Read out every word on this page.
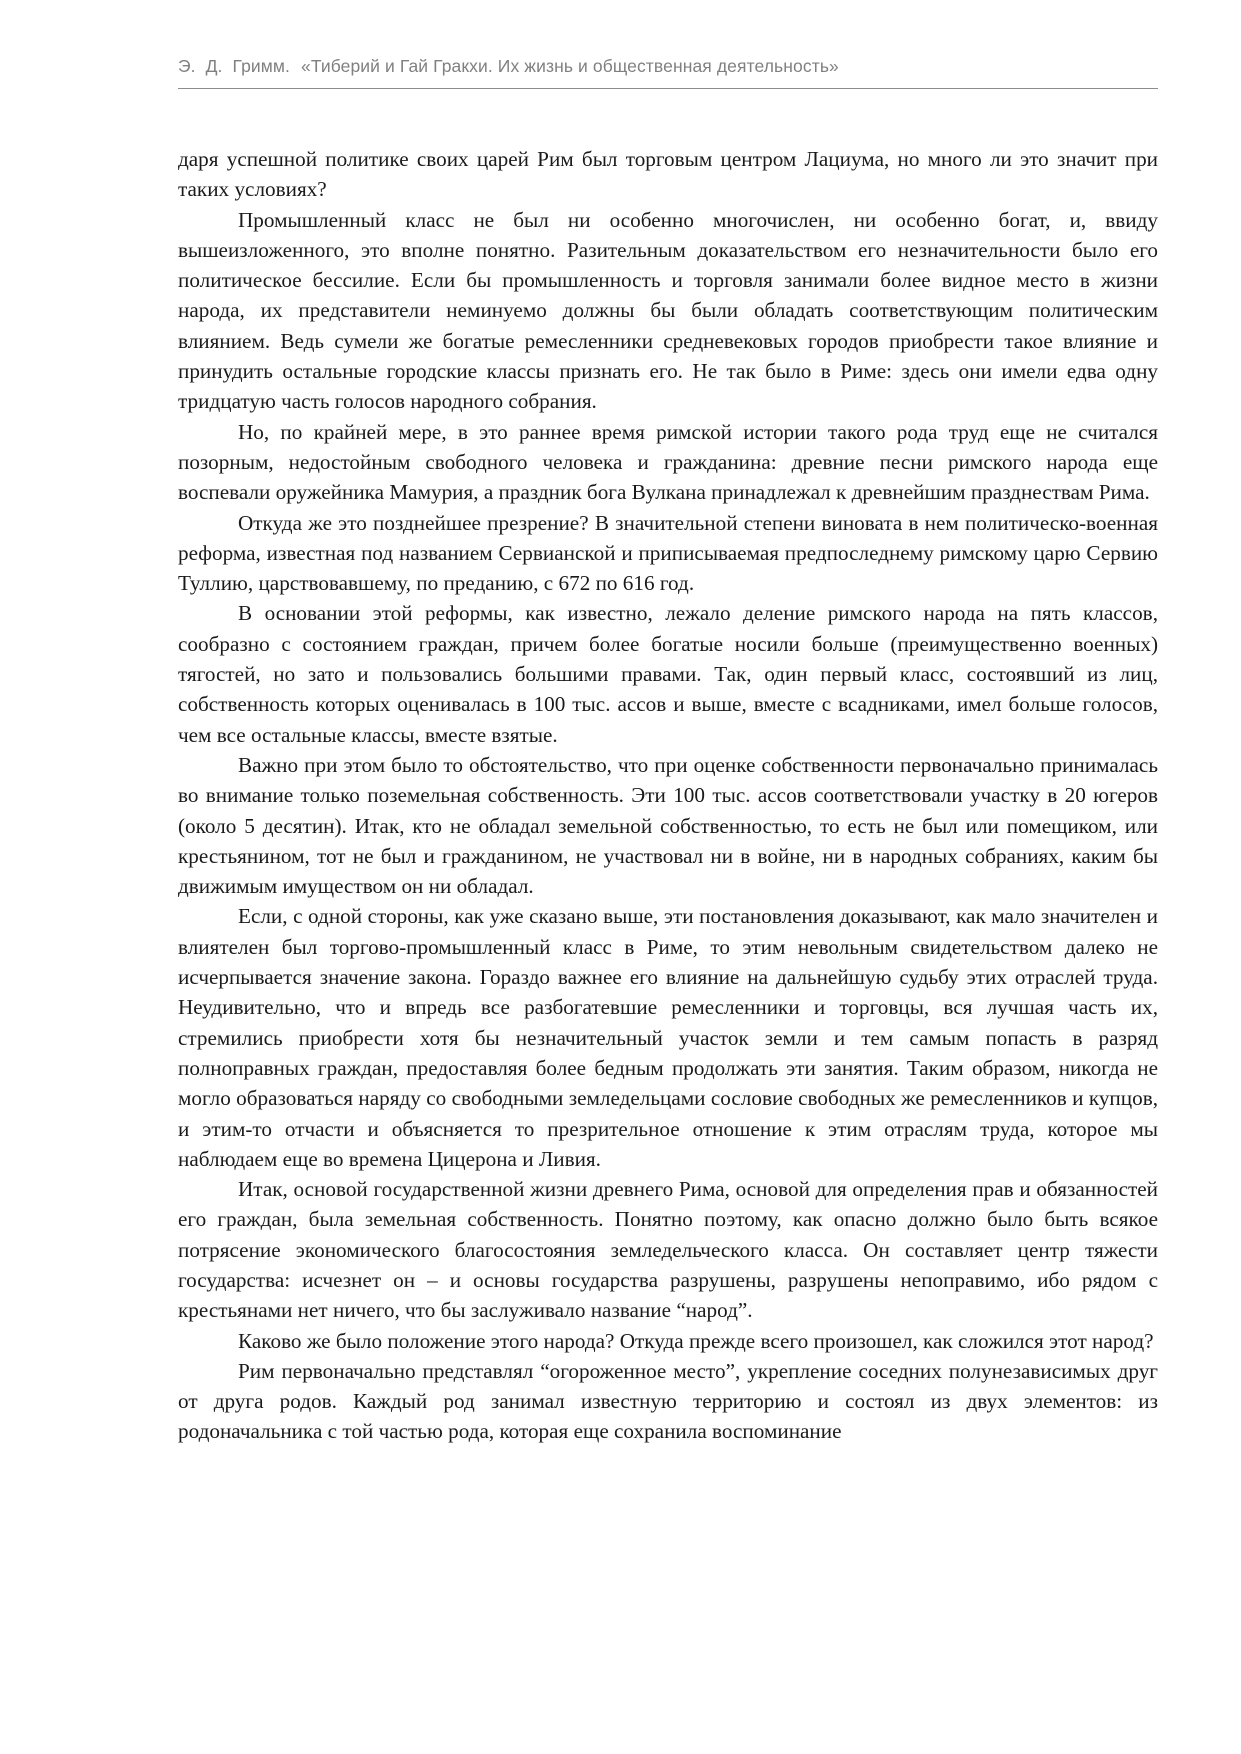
Э. Д. Гримм. «Тиберий и Гай Гракхи. Их жизнь и общественная деятельность»

даря успешной политике своих царей Рим был торговым центром Лациума, но много ли это значит при таких условиях?

Промышленный класс не был ни особенно многочислен, ни особенно богат, и, ввиду вышеизложенного, это вполне понятно. Разительным доказательством его незначительности было его политическое бессилие. Если бы промышленность и торговля занимали более видное место в жизни народа, их представители неминуемо должны бы были обладать соответствующим политическим влиянием. Ведь сумели же богатые ремесленники средневековых городов приобрести такое влияние и принудить остальные городские классы признать его. Не так было в Риме: здесь они имели едва одну тридцатую часть голосов народного собрания.

Но, по крайней мере, в это раннее время римской истории такого рода труд еще не считался позорным, недостойным свободного человека и гражданина: древние песни римского народа еще воспевали оружейника Мамурия, а праздник бога Вулкана принадлежал к древнейшим празднествам Рима.

Откуда же это позднейшее презрение? В значительной степени виновата в нем политическо-военная реформа, известная под названием Сервианской и приписываемая предпоследнему римскому царю Сервию Туллию, царствовавшему, по преданию, с 672 по 616 год.

В основании этой реформы, как известно, лежало деление римского народа на пять классов, сообразно с состоянием граждан, причем более богатые носили больше (преимущественно военных) тягостей, но зато и пользовались большими правами. Так, один первый класс, состоявший из лиц, собственность которых оценивалась в 100 тыс. ассов и выше, вместе с всадниками, имел больше голосов, чем все остальные классы, вместе взятые.

Важно при этом было то обстоятельство, что при оценке собственности первоначально принималась во внимание только поземельная собственность. Эти 100 тыс. ассов соответствовали участку в 20 югеров (около 5 десятин). Итак, кто не обладал земельной собственностью, то есть не был или помещиком, или крестьянином, тот не был и гражданином, не участвовал ни в войне, ни в народных собраниях, каким бы движимым имуществом он ни обладал.

Если, с одной стороны, как уже сказано выше, эти постановления доказывают, как мало значителен и влиятелен был торгово-промышленный класс в Риме, то этим невольным свидетельством далеко не исчерпывается значение закона. Гораздо важнее его влияние на дальнейшую судьбу этих отраслей труда. Неудивительно, что и впредь все разбогатевшие ремесленники и торговцы, вся лучшая часть их, стремились приобрести хотя бы незначительный участок земли и тем самым попасть в разряд полноправных граждан, предоставляя более бедным продолжать эти занятия. Таким образом, никогда не могло образоваться наряду со свободными земледельцами сословие свободных же ремесленников и купцов, и этим-то отчасти и объясняется то презрительное отношение к этим отраслям труда, которое мы наблюдаем еще во времена Цицерона и Ливия.

Итак, основой государственной жизни древнего Рима, основой для определения прав и обязанностей его граждан, была земельная собственность. Понятно поэтому, как опасно должно было быть всякое потрясение экономического благосостояния земледельческого класса. Он составляет центр тяжести государства: исчезнет он – и основы государства разрушены, разрушены непоправимо, ибо рядом с крестьянами нет ничего, что бы заслуживало название “народ”.

Каково же было положение этого народа? Откуда прежде всего произошел, как сложился этот народ?

Рим первоначально представлял “огороженное место”, укрепление соседних полунезависимых друг от друга родов. Каждый род занимал известную территорию и состоял из двух элементов: из родоначальника с той частью рода, которая еще сохранила воспоминание
